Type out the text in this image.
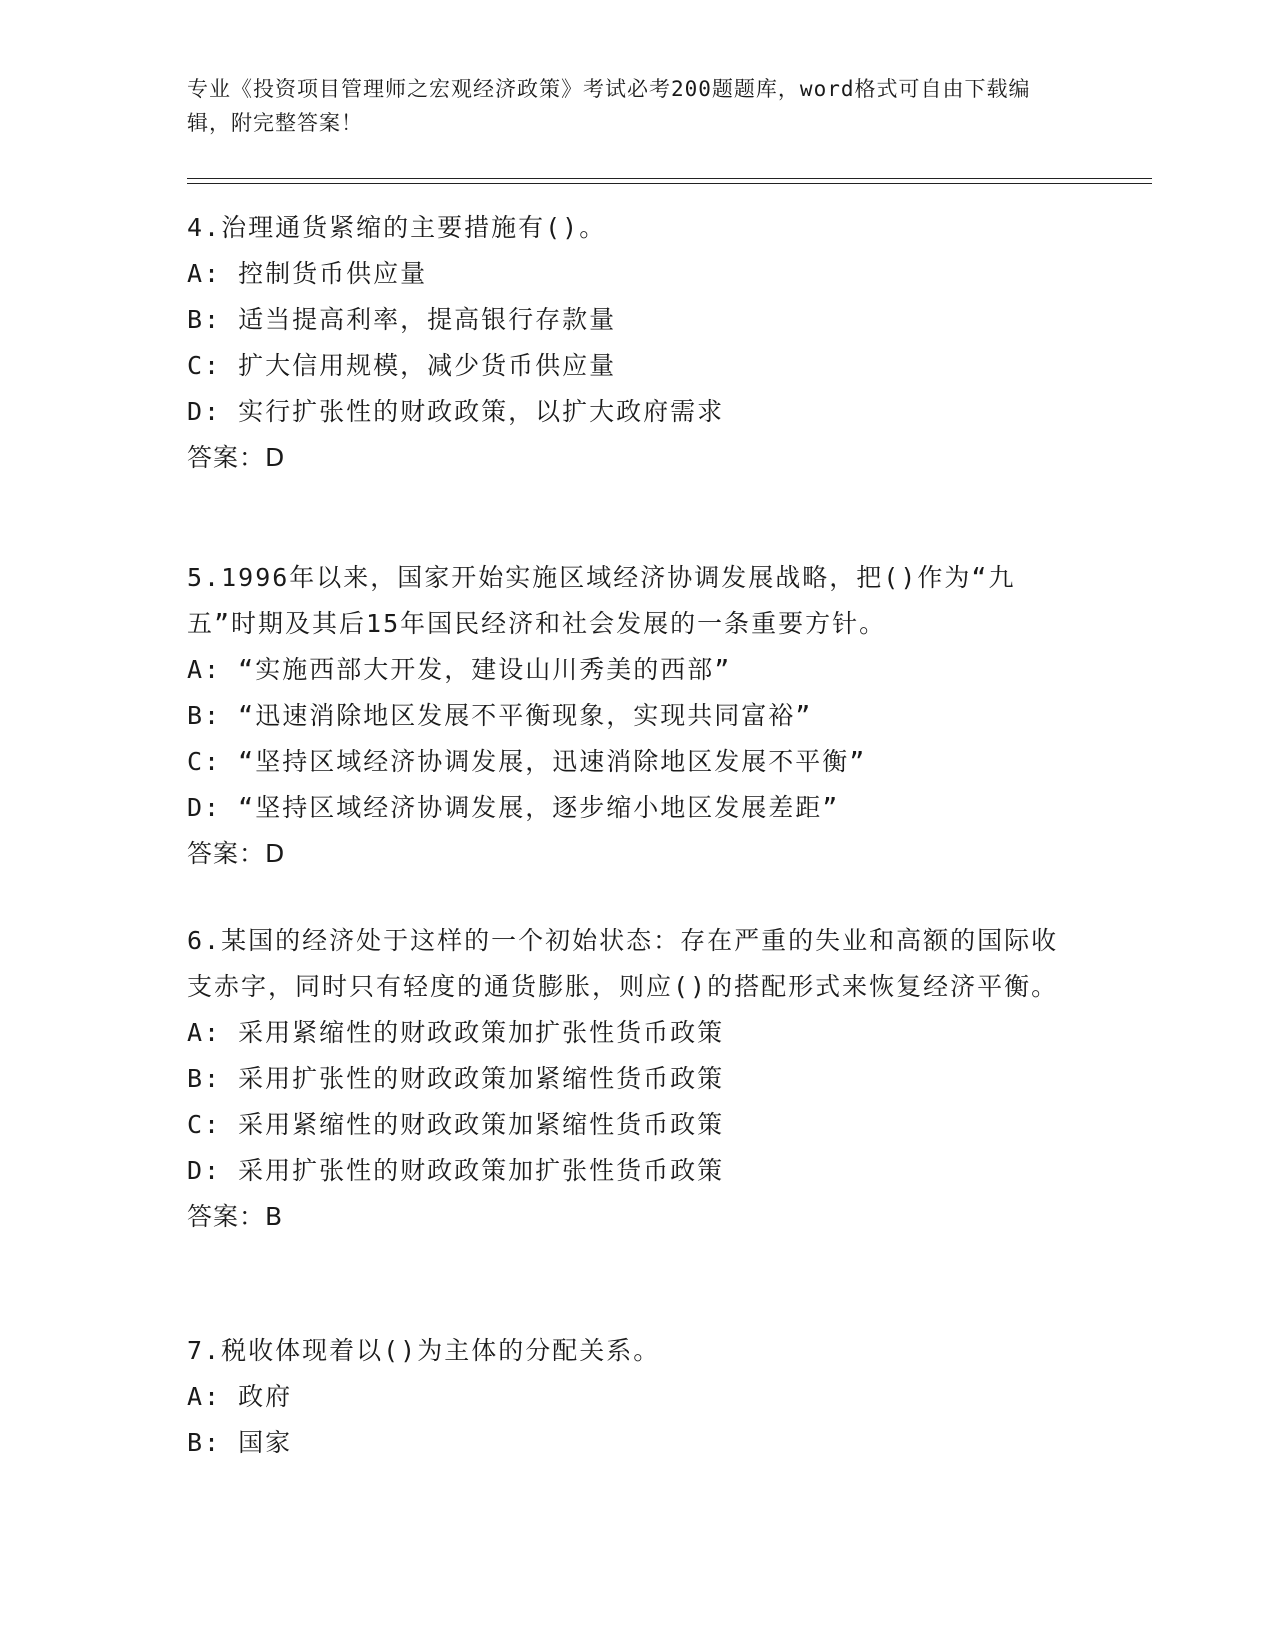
专业《投资项目管理师之宏观经济政策》考试必考200题题库，word格式可自由下载编辑，附完整答案！

4.治理通货紧缩的主要措施有()。

A: 控制货币供应量

B: 适当提高利率，提高银行存款量

C: 扩大信用规模，减少货币供应量

D: 实行扩张性的财政政策，以扩大政府需求

答案：D

5.1996年以来，国家开始实施区域经济协调发展战略，把()作为“九五”时期及其后15年国民经济和社会发展的一条重要方针。

A: “实施西部大开发，建设山川秀美的西部”

B: “迅速消除地区发展不平衡现象，实现共同富裕”

C: “坚持区域经济协调发展，迅速消除地区发展不平衡”

D: “坚持区域经济协调发展，逐步缩小地区发展差距”

答案：D

6.某国的经济处于这样的一个初始状态：存在严重的失业和高额的国际收支赤字，同时只有轻度的通货膨胀，则应()的搭配形式来恢复经济平衡。

A: 采用紧缩性的财政政策加扩张性货币政策

B: 采用扩张性的财政政策加紧缩性货币政策

C: 采用紧缩性的财政政策加紧缩性货币政策

D: 采用扩张性的财政政策加扩张性货币政策

答案：B

7.税收体现着以()为主体的分配关系。

A: 政府

B: 国家
